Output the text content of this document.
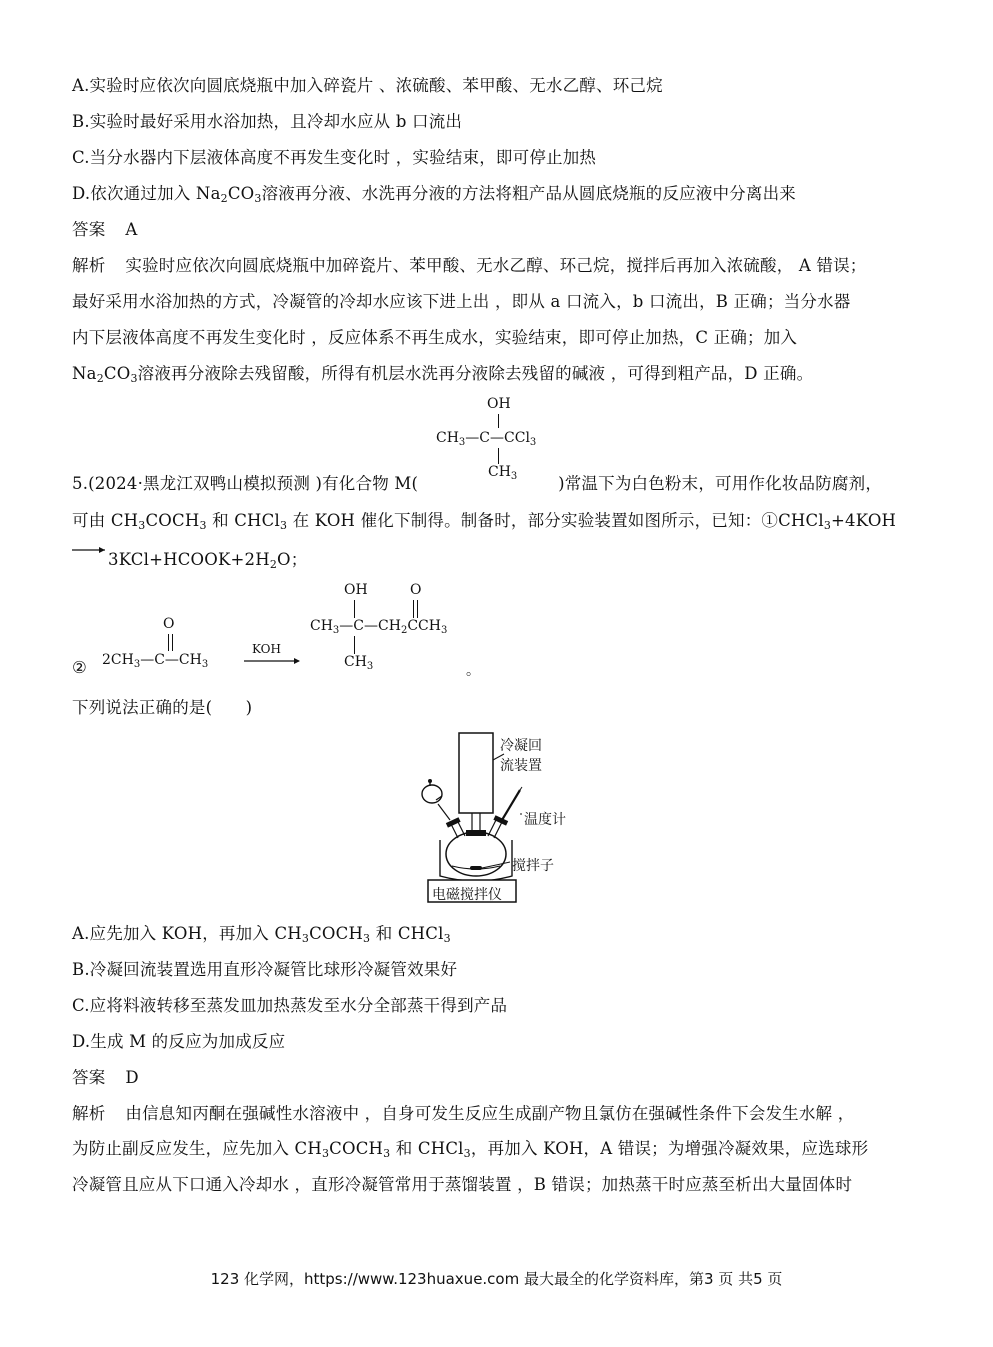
A.实验时应依次向圆底烧瓶中加入碎瓷片 、浓硫酸、苯甲酸、无水乙醇、环己烷
B.实验时最好采用水浴加热，且冷却水应从 b 口流出
C.当分水器内下层液体高度不再发生变化时 ，实验结束，即可停止加热
D.依次通过加入 $Na_2CO_3$溶液再分液、水洗再分液的方法将粗产品从圆底烧瓶的反应液中分离出来
答案 A
解析 实验时应依次向圆底烧瓶中加碎瓷片、苯甲酸、无水乙醇、环己烷，搅拌后再加入浓硫酸， A 错误；
最好采用水浴加热的方式，冷凝管的冷却水应该下进上出 ，即从 a 口流入，b 口流出，B 正确；当分水器
内下层液体高度不再发生变化时 ，反应体系不再生成水，实验结束，即可停止加热，C 正确；加入
$Na_2CO_3$溶液再分液除去残留酸，所得有机层水洗再分液除去残留的碱液 ，可得到粗产品，D 正确。
OH
$CH_3—C—CCl_3$
$CH_3$
5.(2024·黑龙江双鸭山模拟预测 )有化合物 M(	)常温下为白色粉末，可用作化妆品防腐剂，
可由 $CH_3COCH_3$ 和 CHCl$_3$ 在 KOH 催化下制得。制备时，部分实验装置如图所示，已知：①CHCl$_3$+4KOH
→ $3KCl+HCOOK+2H_2O$；
②
O
$2CH_3—C—CH_3$
KOH
OH	O
$CH_3—C—CH_2CCH_3$
$CH_3$	。
下列说法正确的是(　　)
冷凝回
流装置
温度计
搅拌子
电磁搅拌仪
A.应先加入 KOH，再加入 $CH_3COCH_3$ 和 CHCl$_3$
B.冷凝回流装置选用直形冷凝管比球形冷凝管效果好
C.应将料液转移至蒸发皿加热蒸发至水分全部蒸干得到产品
D.生成 M 的反应为加成反应
答案 D
解析 由信息知丙酮在强碱性水溶液中 ，自身可发生反应生成副产物且氯仿在强碱性条件下会发生水解 ，
为防止副反应发生，应先加入 $CH_3COCH_3$ 和 CHCl$_3$，再加入 KOH，A 错误；为增强冷凝效果，应选球形
冷凝管且应从下口通入冷却水 ，直形冷凝管常用于蒸馏装置 ，B 错误；加热蒸干时应蒸至析出大量固体时
123 化学网，https://www.123huaxue.com 最大最全的化学资料库，第3 页 共5 页
